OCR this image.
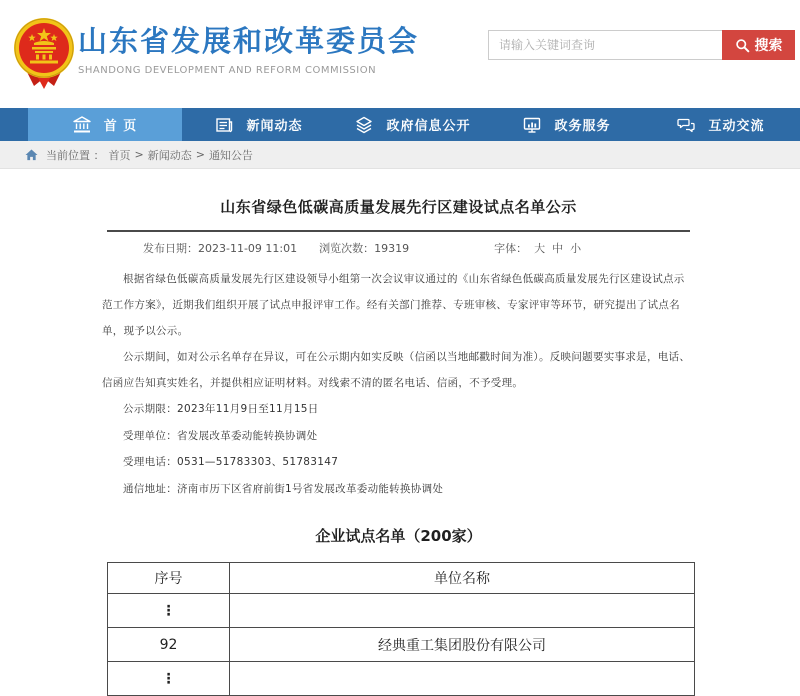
山东省发展和改革委员会
SHANDONG DEVELOPMENT AND REFORM COMMISSION
请输入关键词查询
搜索
首 页	新闻动态	政府信息公开	政务服务	互动交流
当前位置 ： 首页 > 新闻动态 > 通知公告
山东省绿色低碳高质量发展先行区建设试点名单公示
发布日期：2023-11-09 11:01 浏览次数：19319	字体： 大 中 小

根据省绿色低碳高质量发展先行区建设领导小组第一次会议审议通过的《山东省绿色低碳高质量发展先行区建设试点示范工作方案》，近期我们组织开展了试点申报评审工作。经有关部门推荐、专班审核、专家评审等环节，研究提出了试点名单，现予以公示。

公示期间，如对公示名单存在异议，可在公示期内如实反映（信函以当地邮戳时间为准）。反映问题要实事求是，电话、信函应告知真实姓名，并提供相应证明材料。对线索不清的匿名电话、信函，不予受理。

公示期限：2023年11月9日至11月15日

受理单位：省发展改革委动能转换协调处

受理电话：0531—51783303、51783147

通信地址：济南市历下区省府前街1号省发展改革委动能转换协调处

企业试点名单（200家）
序号	单位名称
⋮	
92	经典重工集团股份有限公司
⋮	
